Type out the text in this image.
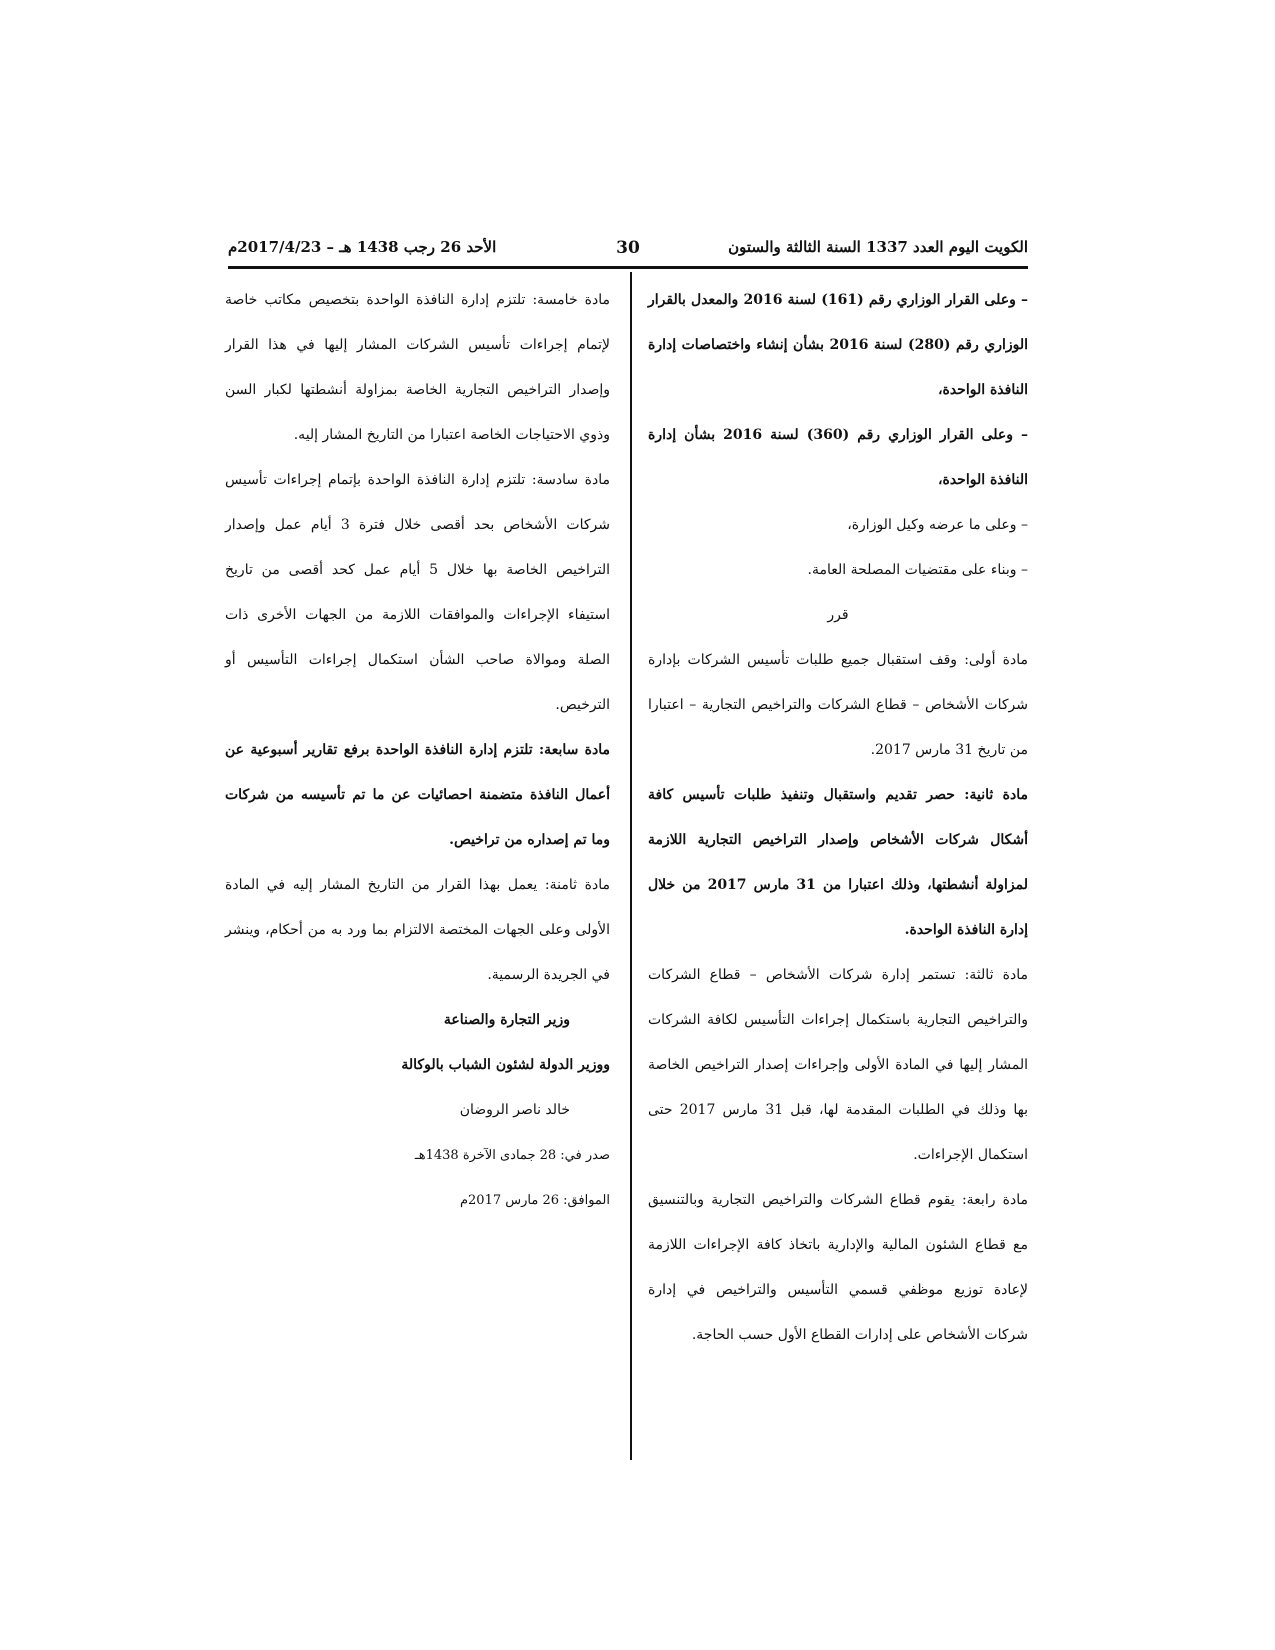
الكويت اليوم العدد 1337 السنة الثالثة والستون
30
الأحد 26 رجب 1438 هـ – 2017/4/23م

– وعلى القرار الوزاري رقم (161) لسنة 2016 والمعدل بالقرار الوزاري رقم (280) لسنة 2016 بشأن إنشاء واختصاصات إدارة النافذة الواحدة،

– وعلى القرار الوزاري رقم (360) لسنة 2016 بشأن إدارة النافذة الواحدة،

– وعلى ما عرضه وكيل الوزارة،

– وبناء على مقتضيات المصلحة العامة.

قرر

مادة أولى: وقف استقبال جميع طلبات تأسيس الشركات بإدارة شركات الأشخاص – قطاع الشركات والتراخيص التجارية – اعتبارا من تاريخ 31 مارس 2017.

مادة ثانية: حصر تقديم واستقبال وتنفيذ طلبات تأسيس كافة أشكال شركات الأشخاص وإصدار التراخيص التجارية اللازمة لمزاولة أنشطتها، وذلك اعتبارا من 31 مارس 2017 من خلال إدارة النافذة الواحدة.

مادة ثالثة: تستمر إدارة شركات الأشخاص – قطاع الشركات والتراخيص التجارية باستكمال إجراءات التأسيس لكافة الشركات المشار إليها في المادة الأولى وإجراءات إصدار التراخيص الخاصة بها وذلك في الطلبات المقدمة لها، قبل 31 مارس 2017 حتى استكمال الإجراءات.

مادة رابعة: يقوم قطاع الشركات والتراخيص التجارية وبالتنسيق مع قطاع الشئون المالية والإدارية باتخاذ كافة الإجراءات اللازمة لإعادة توزيع موظفي قسمي التأسيس والتراخيص في إدارة شركات الأشخاص على إدارات القطاع الأول حسب الحاجة.

مادة خامسة: تلتزم إدارة النافذة الواحدة بتخصيص مكاتب خاصة لإتمام إجراءات تأسيس الشركات المشار إليها في هذا القرار وإصدار التراخيص التجارية الخاصة بمزاولة أنشطتها لكبار السن وذوي الاحتياجات الخاصة اعتبارا من التاريخ المشار إليه.

مادة سادسة: تلتزم إدارة النافذة الواحدة بإتمام إجراءات تأسيس شركات الأشخاص بحد أقصى خلال فترة 3 أيام عمل وإصدار التراخيص الخاصة بها خلال 5 أيام عمل كحد أقصى من تاريخ استيفاء الإجراءات والموافقات اللازمة من الجهات الأخرى ذات الصلة وموالاة صاحب الشأن استكمال إجراءات التأسيس أو الترخيص.

مادة سابعة: تلتزم إدارة النافذة الواحدة برفع تقارير أسبوعية عن أعمال النافذة متضمنة احصائيات عن ما تم تأسيسه من شركات وما تم إصداره من تراخيص.

مادة ثامنة: يعمل بهذا القرار من التاريخ المشار إليه في المادة الأولى وعلى الجهات المختصة الالتزام بما ورد به من أحكام، وينشر في الجريدة الرسمية.

وزير التجارة والصناعة

ووزير الدولة لشئون الشباب بالوكالة

خالد ناصر الروضان

صدر في: 28 جمادى الآخرة 1438هـ

الموافق: 26 مارس 2017م
